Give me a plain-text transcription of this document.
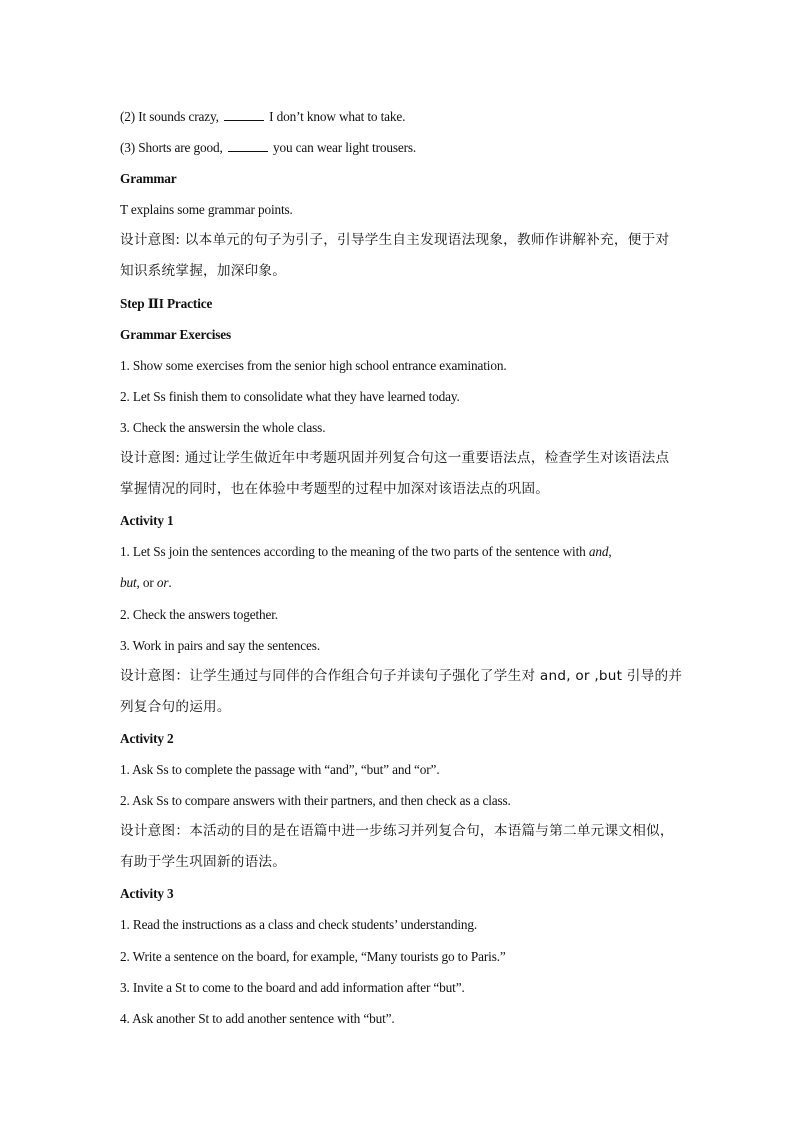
(2) It sounds crazy,	I don’t know what to take.
(3) Shorts are good,	you can wear light trousers.
Grammar
T explains some grammar points.
设计意图: 以本单元的句子为引子，引导学生自主发现语法现象，教师作讲解补充，便于对
知识系统掌握，加深印象。
Step ⅡI Practice
Grammar Exercises
1. Show some exercises from the senior high school entrance examination.
2. Let Ss finish them to consolidate what they have learned today.
3. Check the answersin the whole class.
设计意图: 通过让学生做近年中考题巩固并列复合句这一重要语法点，检查学生对该语法点
掌握情况的同时，也在体验中考题型的过程中加深对该语法点的巩固。
Activity 1
1. Let Ss join the sentences according to the meaning of the two parts of the sentence with and,
but, or or.
2. Check the answers together.
3. Work in pairs and say the sentences.
设计意图：让学生通过与同伴的合作组合句子并读句子强化了学生对 and, or ,but 引导的并
列复合句的运用。
Activity 2
1. Ask Ss to complete the passage with “and”, “but” and “or”.
2. Ask Ss to compare answers with their partners, and then check as a class.
设计意图：本活动的目的是在语篇中进一步练习并列复合句，本语篇与第二单元课文相似，
有助于学生巩固新的语法。
Activity 3
1. Read the instructions as a class and check students’ understanding.
2. Write a sentence on the board, for example, “Many tourists go to Paris.”
3. Invite a St to come to the board and add information after “but”.
4. Ask another St to add another sentence with “but”.
